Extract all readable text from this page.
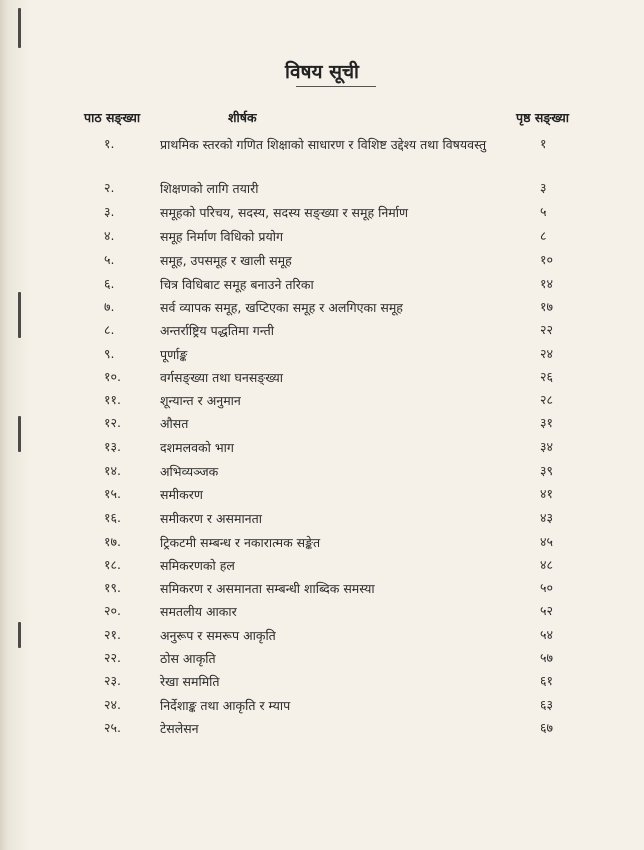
विषय सूची
पाठ सङ्ख्या	शीर्षक	पृष्ठ सङ्ख्या
१.	प्राथमिक स्तरको गणित शिक्षाको साधारण र विशिष्ट उद्देश्य तथा विषयवस्तु	१
२.	शिक्षणको लागि तयारी	३
३.	समूहको परिचय, सदस्य, सदस्य सङ्ख्या र समूह निर्माण	५
४.	समूह निर्माण विधिको प्रयोग	८
५.	समूह, उपसमूह र खाली समूह	१०
६.	चित्र विधिबाट समूह बनाउने तरिका	१४
७.	सर्व व्यापक समूह, खप्टिएका समूह र अलगिएका समूह	१७
८.	अन्तर्राष्ट्रिय पद्धतिमा गन्ती	२२
९.	पूर्णाङ्क	२४
१०.	वर्गसङ्ख्या तथा घनसङ्ख्या	२६
११.	शून्यान्त र अनुमान	२८
१२.	औसत	३१
१३.	दशमलवको भाग	३४
१४.	अभिव्यञ्जक	३९
१५.	समीकरण	४१
१६.	समीकरण र असमानता	४३
१७.	ट्रिकटमी सम्बन्ध र नकारात्मक सङ्केत	४५
१८.	समिकरणको हल	४८
१९.	समिकरण र असमानता सम्बन्धी शाब्दिक समस्या	५०
२०.	समतलीय आकार	५२
२१.	अनुरूप र समरूप आकृति	५४
२२.	ठोस आकृति	५७
२३.	रेखा सममिति	६१
२४.	निर्देशाङ्क तथा आकृति र म्याप	६३
२५.	टेसलेसन	६७
